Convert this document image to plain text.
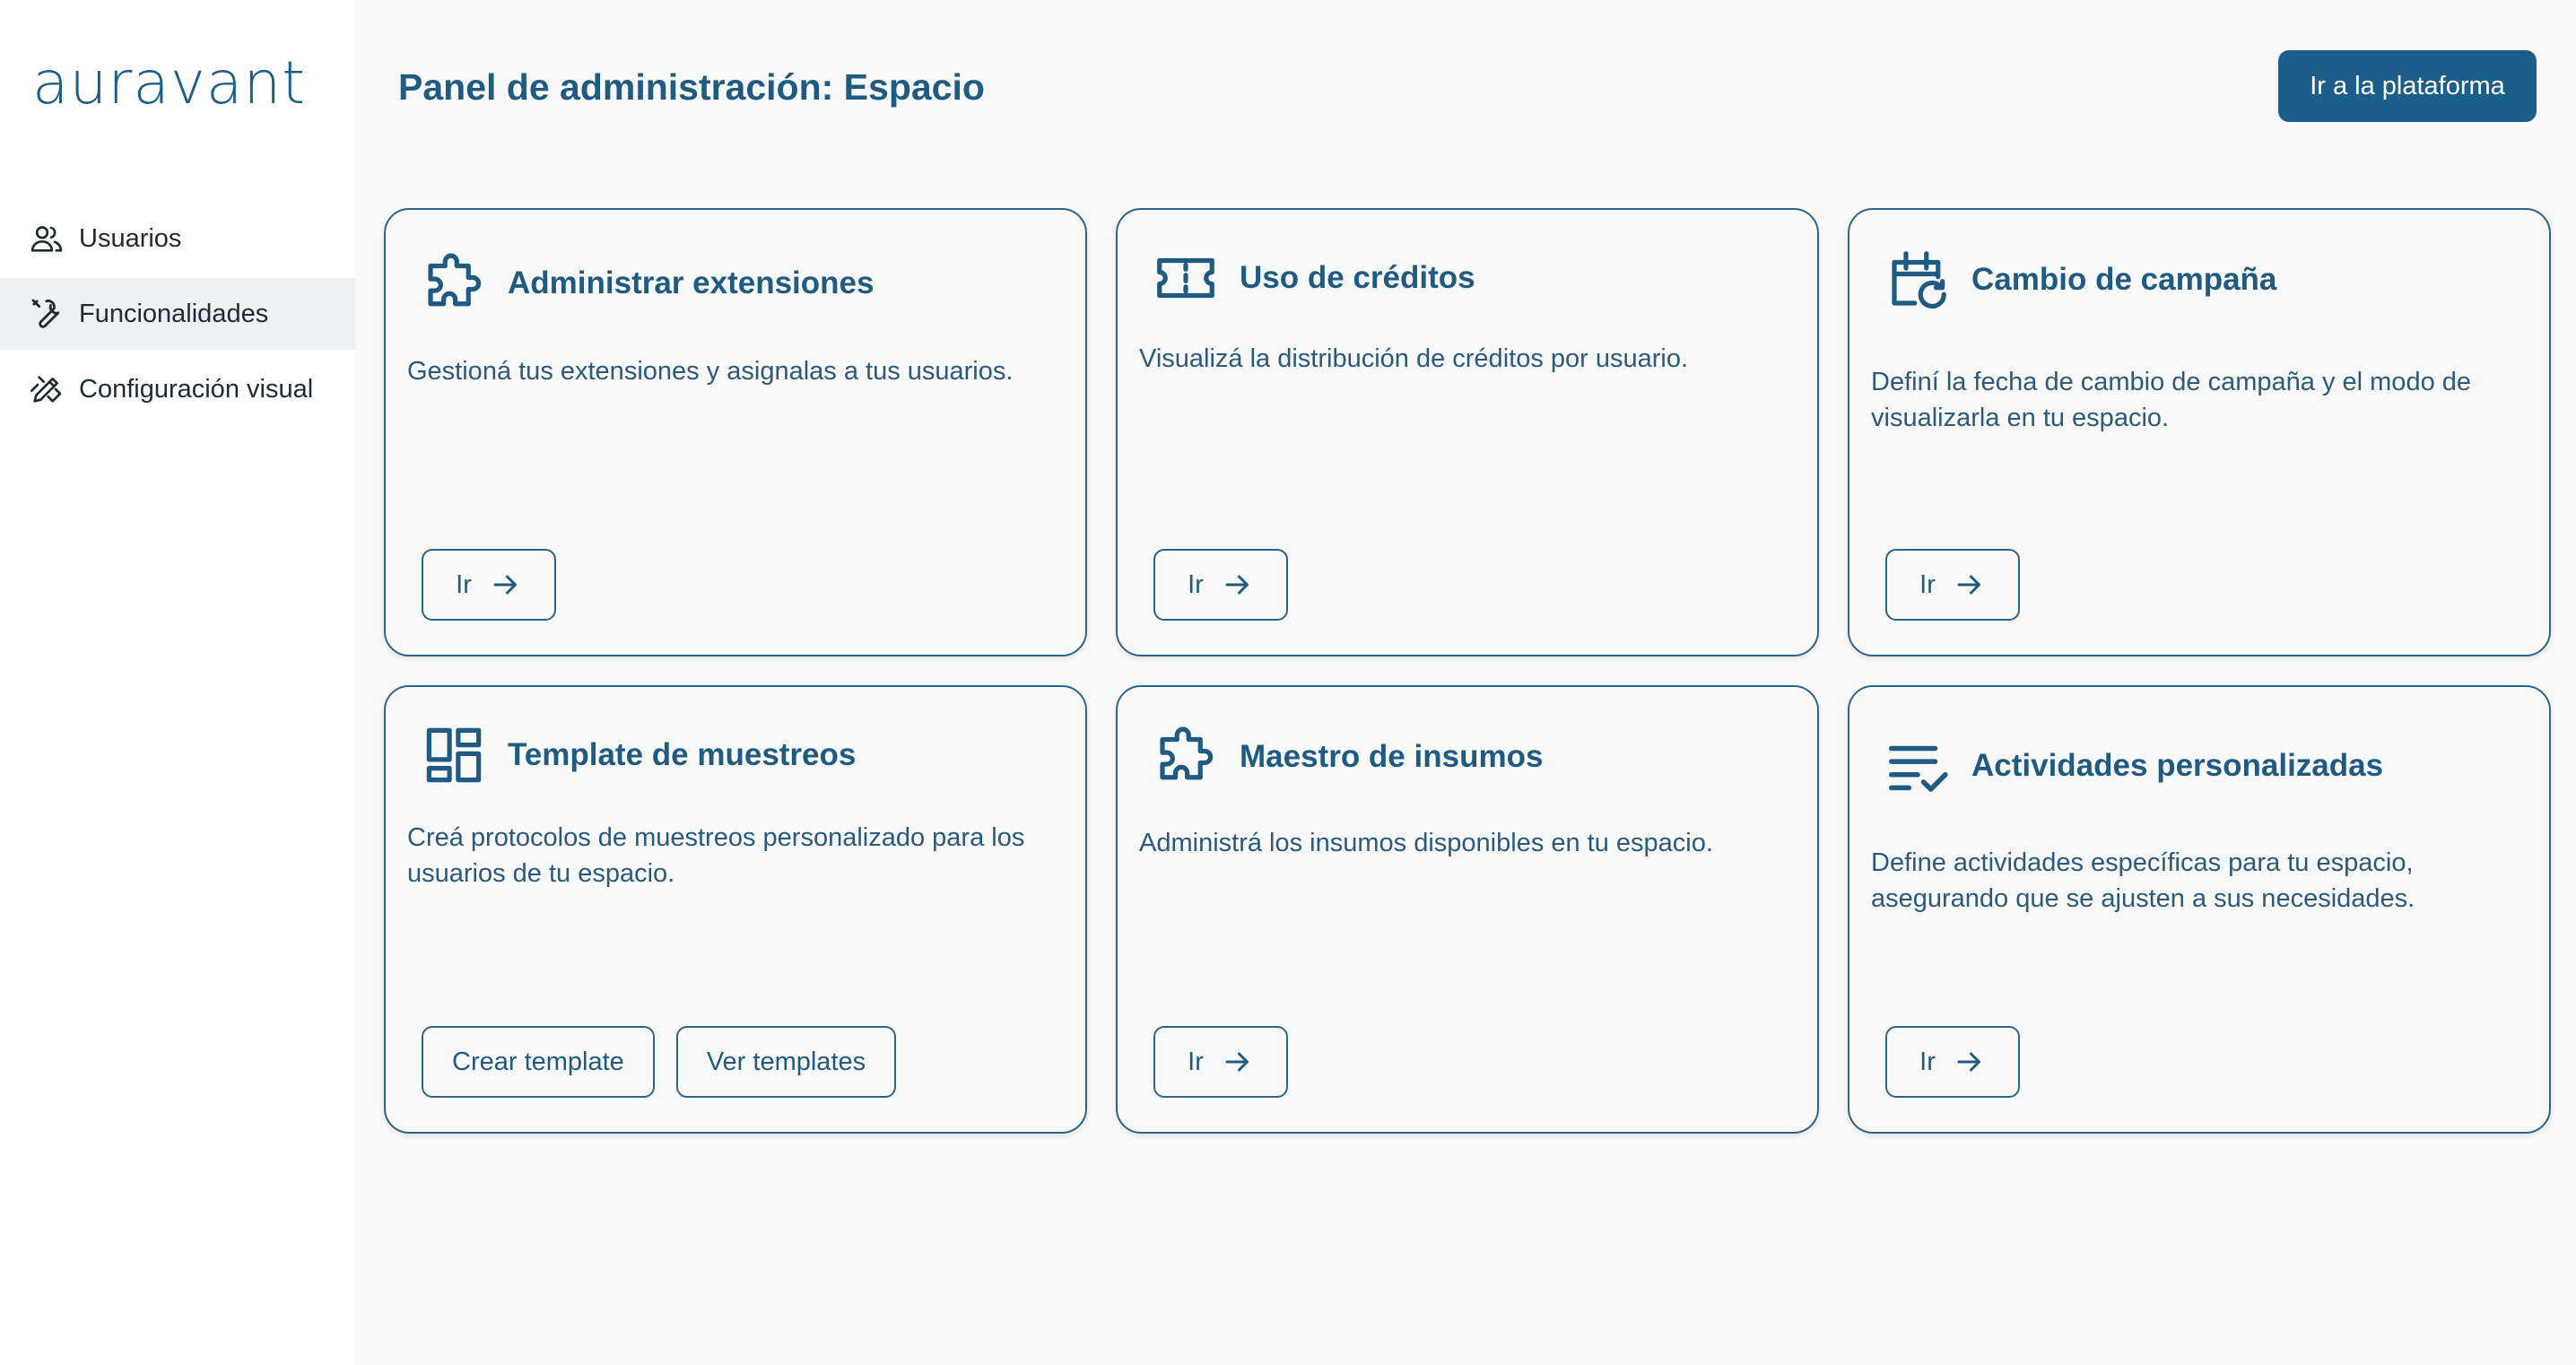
auravant
Usuarios
Funcionalidades
Configuración visual
Panel de administración: Espacio	Ir a la plataforma
Administrar extensiones

Gestioná tus extensiones y asignalas a tus usuarios.

Ir
Uso de créditos

Visualizá la distribución de créditos por usuario.

Ir
Cambio de campaña

Definí la fecha de cambio de campaña y el modo de visualizarla en tu espacio.

Ir
Template de muestreos

Creá protocolos de muestreos personalizado para los usuarios de tu espacio.

Crear template	Ver templates
Maestro de insumos

Administrá los insumos disponibles en tu espacio.

Ir
Actividades personalizadas

Define actividades específicas para tu espacio, asegurando que se ajusten a sus necesidades.

Ir
